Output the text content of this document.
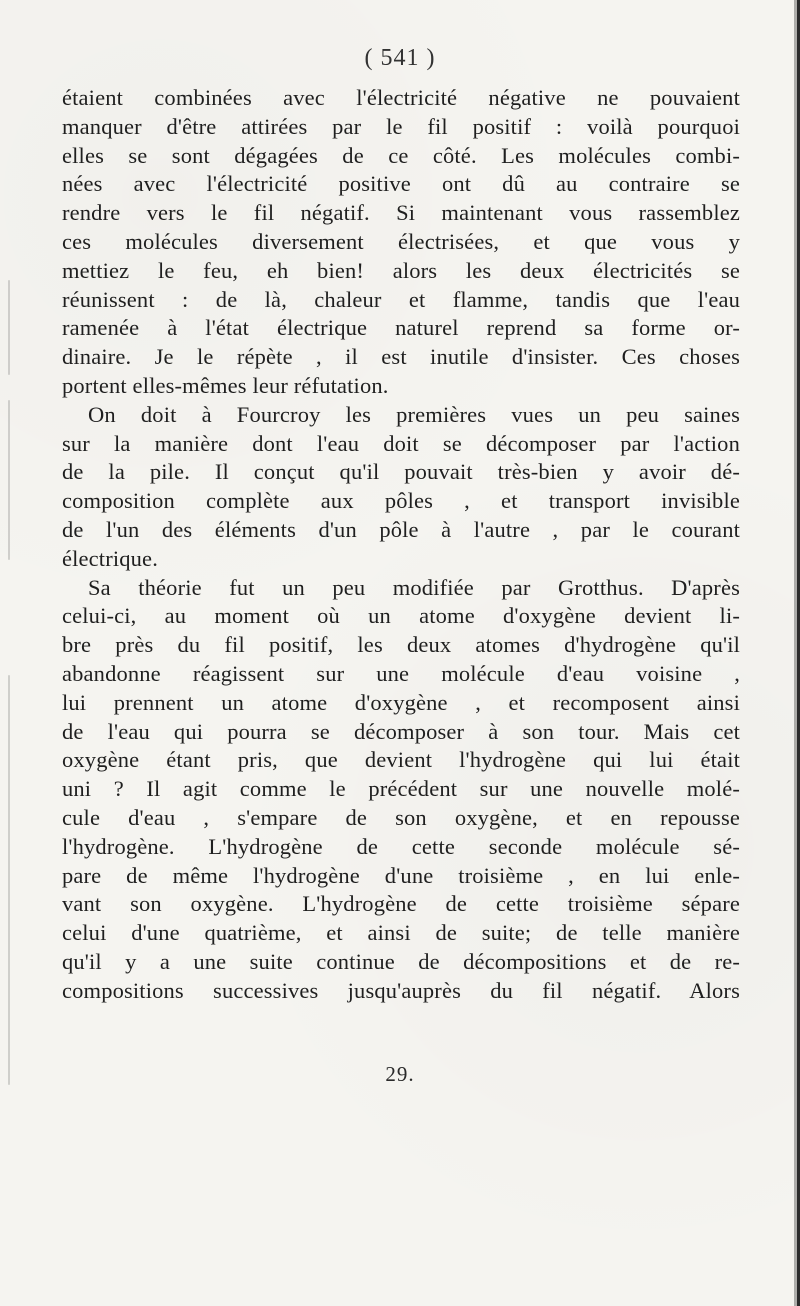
( 541 )
étaient combinées avec l'électricité négative ne pouvaient
manquer d'être attirées par le fil positif : voilà pourquoi
elles se sont dégagées de ce côté. Les molécules combi-
nées avec l'électricité positive ont dû au contraire se
rendre vers le fil négatif. Si maintenant vous rassemblez
ces molécules diversement électrisées, et que vous y
mettiez le feu, eh bien! alors les deux électricités se
réunissent : de là, chaleur et flamme, tandis que l'eau
ramenée à l'état électrique naturel reprend sa forme or-
dinaire. Je le répète , il est inutile d'insister. Ces choses
portent elles-mêmes leur réfutation.
On doit à Fourcroy les premières vues un peu saines
sur la manière dont l'eau doit se décomposer par l'action
de la pile. Il conçut qu'il pouvait très-bien y avoir dé-
composition complète aux pôles , et transport invisible
de l'un des éléments d'un pôle à l'autre , par le courant
électrique.
Sa théorie fut un peu modifiée par Grotthus. D'après
celui-ci, au moment où un atome d'oxygène devient li-
bre près du fil positif, les deux atomes d'hydrogène qu'il
abandonne réagissent sur une molécule d'eau voisine ,
lui prennent un atome d'oxygène , et recomposent ainsi
de l'eau qui pourra se décomposer à son tour. Mais cet
oxygène étant pris, que devient l'hydrogène qui lui était
uni ? Il agit comme le précédent sur une nouvelle molé-
cule d'eau , s'empare de son oxygène, et en repousse
l'hydrogène. L'hydrogène de cette seconde molécule sé-
pare de même l'hydrogène d'une troisième , en lui enle-
vant son oxygène. L'hydrogène de cette troisième sépare
celui d'une quatrième, et ainsi de suite; de telle manière
qu'il y a une suite continue de décompositions et de re-
compositions successives jusqu'auprès du fil négatif. Alors
29.
